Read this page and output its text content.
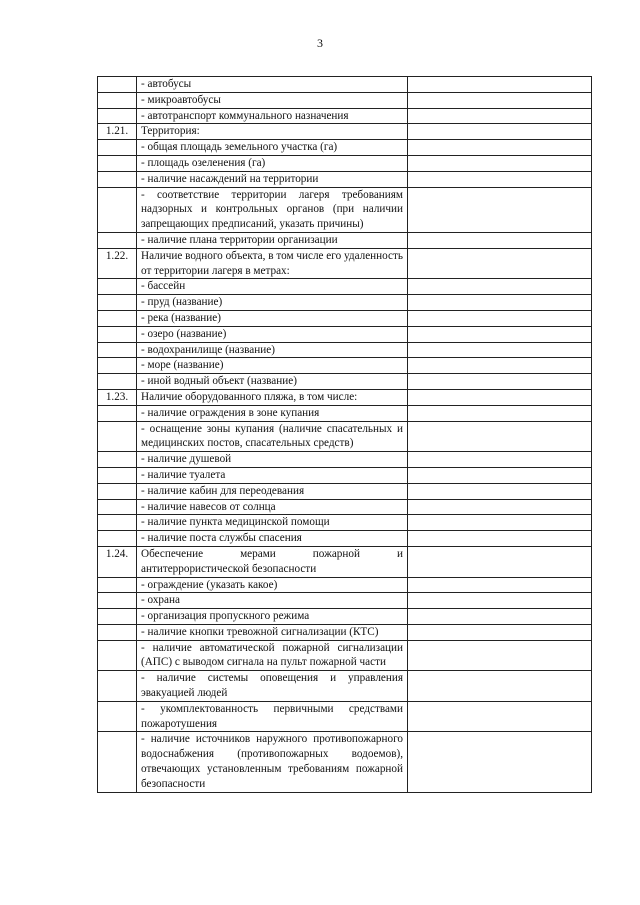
3
	- автобусы	
	- микроавтобусы	
	- автотранспорт коммунального назначения	
1.21.	Территория:	
	- общая площадь земельного участка (га)	
	- площадь озеленения (га)	
	- наличие насаждений на территории	
	- соответствие территории лагеря требованиям надзорных и контрольных органов (при наличии запрещающих предписаний, указать причины)	
	- наличие плана территории организации	
1.22.	Наличие водного объекта, в том числе его удаленность от территории лагеря в метрах:	
	- бассейн	
	- пруд (название)	
	- река (название)	
	- озеро (название)	
	- водохранилище (название)	
	- море (название)	
	- иной водный объект (название)	
1.23.	Наличие оборудованного пляжа, в том числе:	
	- наличие ограждения в зоне купания	
	- оснащение зоны купания (наличие спасательных и медицинских постов, спасательных средств)	
	- наличие душевой	
	- наличие туалета	
	- наличие кабин для переодевания	
	- наличие навесов от солнца	
	- наличие пункта медицинской помощи	
	- наличие поста службы спасения	
1.24.	Обеспечение мерами пожарной и антитеррористической безопасности	
	- ограждение (указать какое)	
	- охрана	
	- организация пропускного режима	
	- наличие кнопки тревожной сигнализации (КТС)	
	- наличие автоматической пожарной сигнализации (АПС) с выводом сигнала на пульт пожарной части	
	- наличие системы оповещения и управления эвакуацией людей	
	- укомплектованность первичными средствами пожаротушения	
	- наличие источников наружного противопожарного водоснабжения (противопожарных водоемов), отвечающих установленным требованиям пожарной безопасности	
